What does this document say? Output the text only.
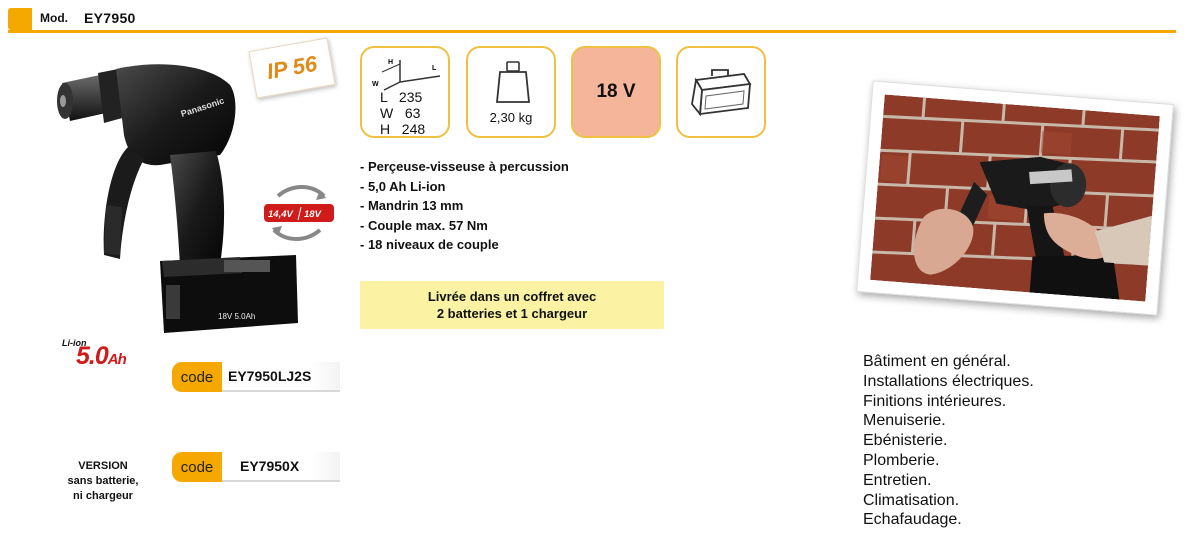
Mod. EY7950
Panasonic
18V 5.0Ah
IP 56
14,4V 18V
Li-ion
5.0Ah
code	EY7950LJ2S
code	EY7950X
VERSION
sans batterie,
ni chargeur
H
W
L
L   235
W   63
H   248
2,30 kg
18 V
- Perçeuse-visseuse à percussion
- 5,0 Ah Li-ion
- Mandrin 13 mm
- Couple max. 57 Nm
- 18 niveaux de couple
Livrée dans un coffret avec
2 batteries et 1 chargeur
Bâtiment en général.
Installations électriques.
Finitions intérieures.
Menuiserie.
Ebénisterie.
Plomberie.
Entretien.
Climatisation.
Echafaudage.
